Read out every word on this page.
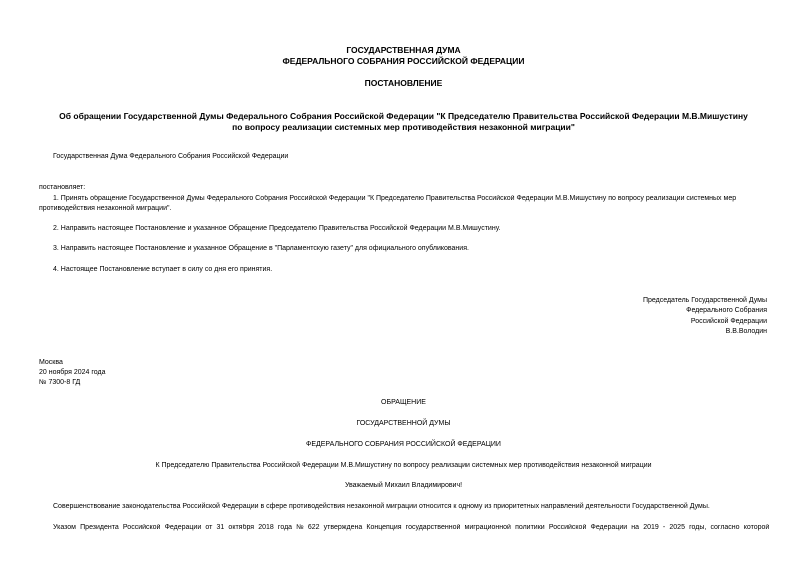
ГОСУДАРСТВЕННАЯ ДУМА
ФЕДЕРАЛЬНОГО СОБРАНИЯ РОССИЙСКОЙ ФЕДЕРАЦИИ
ПОСТАНОВЛЕНИЕ
Об обращении Государственной Думы Федерального Собрания Российской Федерации "К Председателю Правительства Российской Федерации М.В.Мишустину
по вопросу реализации системных мер противодействия незаконной миграции"
Государственная Дума Федерального Собрания Российской Федерации
постановляет:
1. Принять обращение Государственной Думы Федерального Собрания Российской Федерации "К Председателю Правительства Российской Федерации М.В.Мишустину по вопросу реализации системных мер
противодействия незаконной миграции".
2. Направить настоящее Постановление и указанное Обращение Председателю Правительства Российской Федерации М.В.Мишустину.
3. Направить настоящее Постановление и указанное Обращение в "Парламентскую газету" для официального опубликования.
4. Настоящее Постановление вступает в силу со дня его принятия.
Председатель Государственной Думы
Федерального Собрания
Российской Федерации
В.В.Володин
Москва
20 ноября 2024 года
№ 7300-8 ГД
ОБРАЩЕНИЕ
ГОСУДАРСТВЕННОЙ ДУМЫ
ФЕДЕРАЛЬНОГО СОБРАНИЯ РОССИЙСКОЙ ФЕДЕРАЦИИ
К Председателю Правительства Российской Федерации М.В.Мишустину по вопросу реализации системных мер противодействия незаконной миграции
Уважаемый Михаил Владимирович!
Совершенствование законодательства Российской Федерации в сфере противодействия незаконной миграции относится к одному из приоритетных направлений деятельности Государственной Думы.
Указом Президента Российской Федерации от 31 октября 2018 года № 622 утверждена Концепция государственной миграционной политики Российской Федерации на 2019 - 2025 годы, согласно которой
